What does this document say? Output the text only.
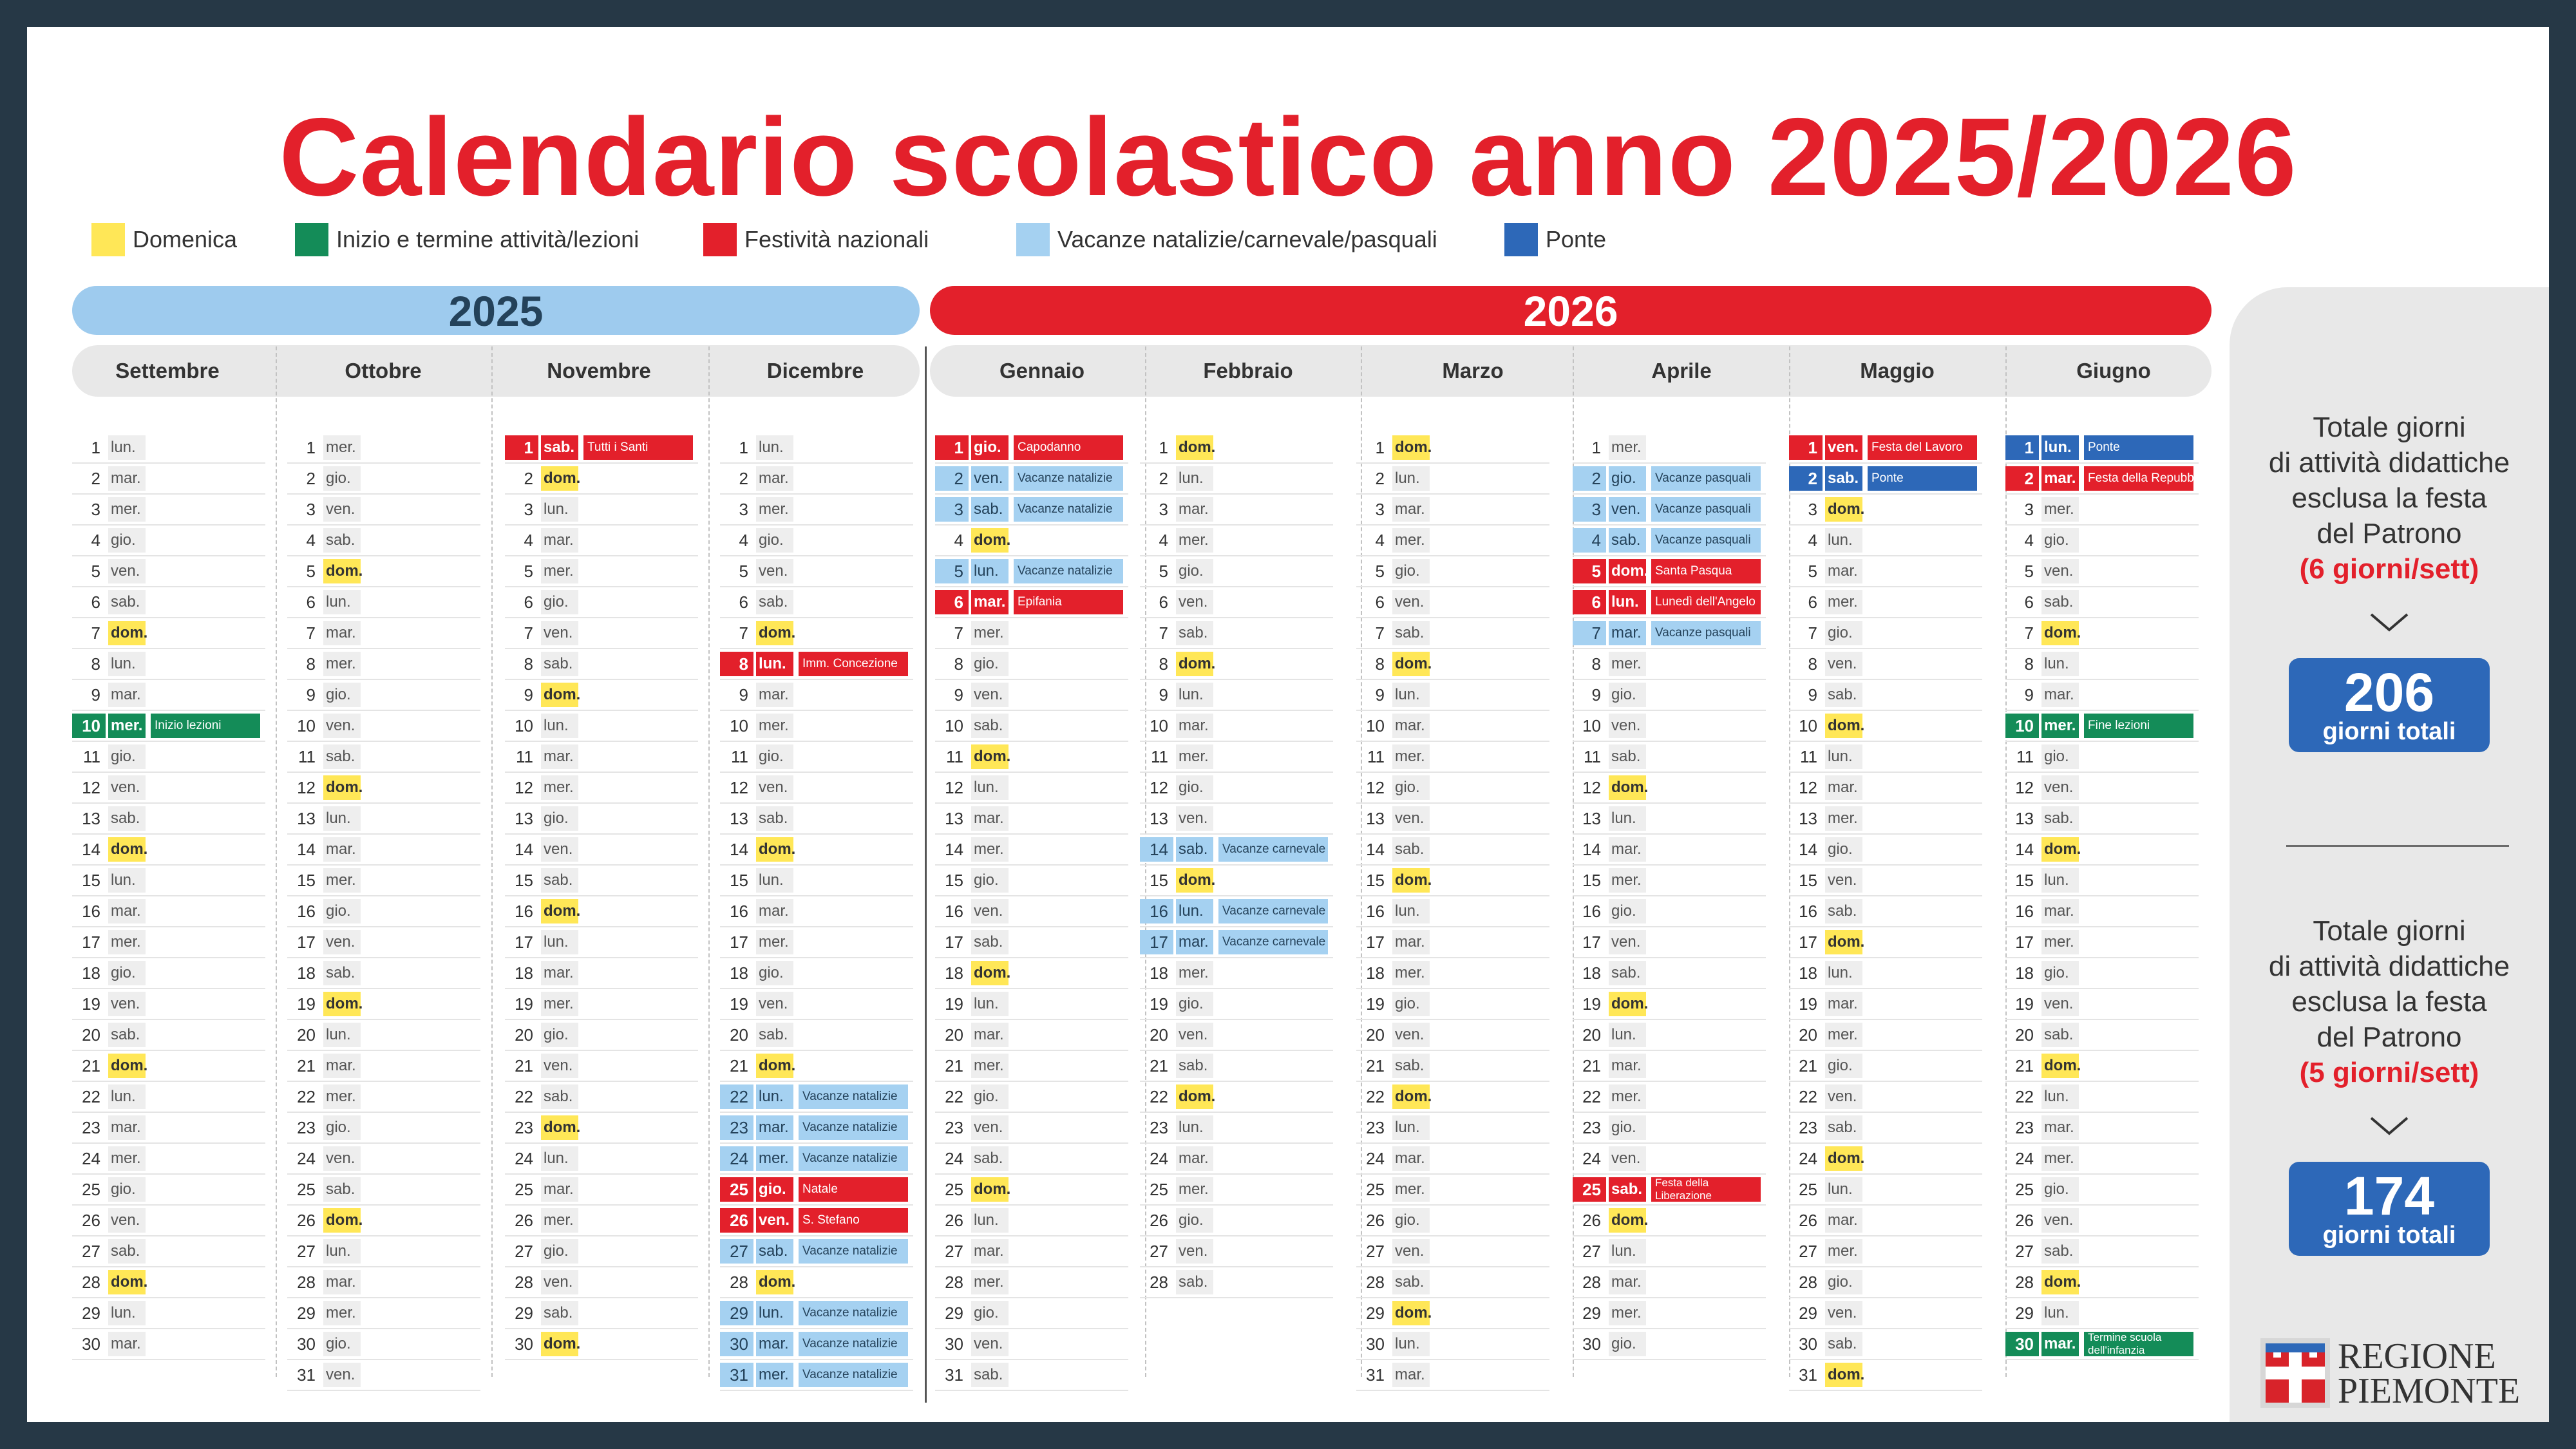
Calendario scolastico anno 2025/2026
Domenica	Inizio e termine attività/lezioni	Festività nazionali	Vacanze natalizie/carnevale/pasquali	Ponte
2025	2026
Totale giorni
di attività didattiche
esclusa la festa
del Patrono
(6 giorni/sett)
206
giorni totali
Totale giorni
di attività didattiche
esclusa la festa
del Patrono
(5 giorni/sett)
174
giorni totali
REGIONE
PIEMONTE
Settembre
1 lun.
2 mar.
3 mer.
4 gio.
5 ven.
6 sab.
7 dom.
8 lun.
9 mar.
10 mer. Inizio lezioni
11 gio.
12 ven.
13 sab.
14 dom.
15 lun.
16 mar.
17 mer.
18 gio.
19 ven.
20 sab.
21 dom.
22 lun.
23 mar.
24 mer.
25 gio.
26 ven.
27 sab.
28 dom.
29 lun.
30 mar.
Ottobre
1 mer.
2 gio.
3 ven.
4 sab.
5 dom.
6 lun.
7 mar.
8 mer.
9 gio.
10 ven.
11 sab.
12 dom.
13 lun.
14 mar.
15 mer.
16 gio.
17 ven.
18 sab.
19 dom.
20 lun.
21 mar.
22 mer.
23 gio.
24 ven.
25 sab.
26 dom.
27 lun.
28 mar.
29 mer.
30 gio.
31 ven.
Novembre
1 sab.	Tutti i Santi
2 dom.
3 lun.
4 mar.
5 mer.
6 gio.
7 ven.
8 sab.
9 dom.
10 lun.
11 mar.
12 mer.
13 gio.
14 ven.
15 sab.
16 dom.
17 lun.
18 mar.
19 mer.
20 gio.
21 ven.
22 sab.
23 dom.
24 lun.
25 mar.
26 mer.
27 gio.
28 ven.
29 sab.
30 dom.
Dicembre
1 lun.
2 mar.
3 mer.
4 gio.
5 ven.
6 sab.
7 dom.
8 lun.	Imm. Concezione
9 mar.
10 mer.
11 gio.
12 ven.
13 sab.
14 dom.
15 lun.
16 mar.
17 mer.
18 gio.
19 ven.
20 sab.
21 dom.
22 lun.	Vacanze natalizie
23 mar.	Vacanze natalizie
24 mer.	Vacanze natalizie
25 gio.	Natale
26 ven.	S. Stefano
27 sab.	Vacanze natalizie
28 dom.
29 lun.	Vacanze natalizie
30 mar.	Vacanze natalizie
31 mer.	Vacanze natalizie
Gennaio
1 gio.	Capodanno
2 ven.	Vacanze natalizie
3 sab.	Vacanze natalizie
4 dom.
5 lun.	Vacanze natalizie
6 mar. Epifania
7 mer.
8 gio.
9 ven.
10 sab.
11 dom.
12 lun.
13 mar.
14 mer.
15 gio.
16 ven.
17 sab.
18 dom.
19 lun.
20 mar.
21 mer.
22 gio.
23 ven.
24 sab.
25 dom.
26 lun.
27 mar.
28 mer.
29 gio.
30 ven.
31 sab.
Febbraio
1 dom.
2 lun.
3 mar.
4 mer.
5 gio.
6 ven.
7 sab.
8 dom.
9 lun.
10 mar.
11 mer.
12 gio.
13 ven.
14 sab.	Vacanze carnevale
15 dom.
16 lun.	Vacanze carnevale
17 mar.	Vacanze carnevale
18 mer.
19 gio.
20 ven.
21 sab.
22 dom.
23 lun.
24 mar.
25 mer.
26 gio.
27 ven.
28 sab.
Marzo
1 dom.
2 lun.
3 mar.
4 mer.
5 gio.
6 ven.
7 sab.
8 dom.
9 lun.
10 mar.
11 mer.
12 gio.
13 ven.
14 sab.
15 dom.
16 lun.
17 mar.
18 mer.
19 gio.
20 ven.
21 sab.
22 dom.
23 lun.
24 mar.
25 mer.
26 gio.
27 ven.
28 sab.
29 dom.
30 lun.
31 mar.
Aprile
1 mer.
2 gio.	Vacanze pasquali
3 ven.	Vacanze pasquali
4 sab.	Vacanze pasquali
5 dom. Santa Pasqua
6 lun.	Lunedì dell'Angelo
7 mar.	Vacanze pasquali
8 mer.
9 gio.
10 ven.
11 sab.
12 dom.
13 lun.
14 mar.
15 mer.
16 gio.
17 ven.
18 sab.
19 dom.
20 lun.
21 mar.
22 mer.
23 gio.
24 ven.
25 sab.	Festa della Liberazione
26 dom.
27 lun.
28 mar.
29 mer.
30 gio.
Maggio
1 ven.	Festa del Lavoro
2 sab.	Ponte
3 dom.
4 lun.
5 mar.
6 mer.
7 gio.
8 ven.
9 sab.
10 dom.
11 lun.
12 mar.
13 mer.
14 gio.
15 ven.
16 sab.
17 dom.
18 lun.
19 mar.
20 mer.
21 gio.
22 ven.
23 sab.
24 dom.
25 lun.
26 mar.
27 mer.
28 gio.
29 ven.
30 sab.
31 dom.
Giugno
1 lun.	Ponte
2 mar. Festa della Repubblica
3 mer.
4 gio.
5 ven.
6 sab.
7 dom.
8 lun.
9 mar.
10 mer. Fine lezioni
11 gio.
12 ven.
13 sab.
14 dom.
15 lun.
16 mar.
17 mer.
18 gio.
19 ven.
20 sab.
21 dom.
22 lun.
23 mar.
24 mer.
25 gio.
26 ven.
27 sab.
28 dom.
29 lun.
30 mar.	Termine scuola dell'infanzia
